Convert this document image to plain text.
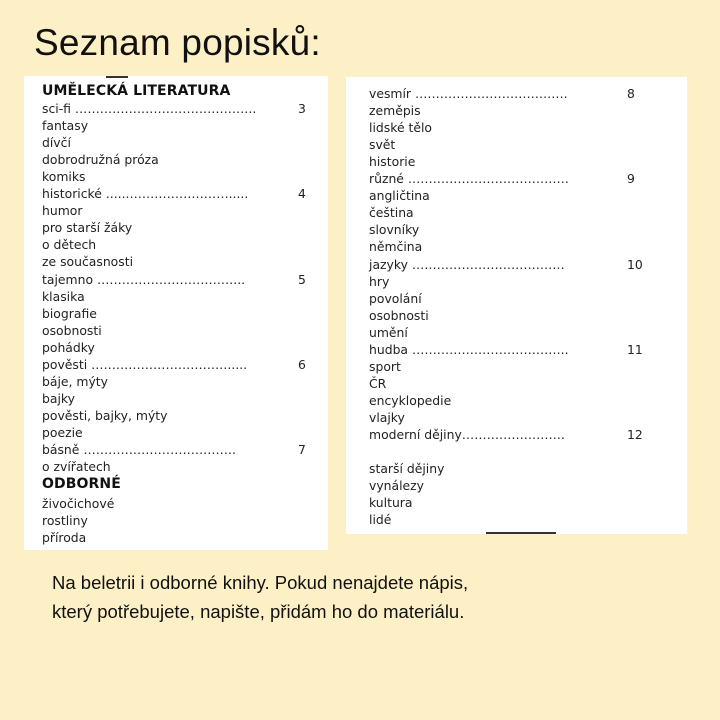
Seznam popisků:
UMĚLECKÁ LITERATURA
sci-fi ……………………………………..	3
fantasy
dívčí
dobrodružná próza
komiks
historické ......…………………….....	4
humor
pro starší žáky
o dětech
ze současnosti
tajemno ……………………………...	5
klasika
biografie
osobnosti
pohádky
pověsti …………………………….....	6
báje, mýty
bajky
pověsti, bajky, mýty
poezie
básně ……………………………….	7
o zvířatech
ODBORNÉ
živočichové
rostliny
příroda
vesmír ……………………………….	8
zeměpis
lidské tělo
svět
historie
různé …………………………………	9
angličtina
čeština
slovníky
němčina
jazyky ……………………………….	10
hry
povolání
osobnosti
umění
hudba ………………………………..	11
sport
ČR
encyklopedie
vlajky
moderní dějiny…………………….	12
starší dějiny
vynálezy
kultura
lidé
Na beletrii i odborné knihy. Pokud nenajdete nápis,
který potřebujete, napište, přidám ho do materiálu.
